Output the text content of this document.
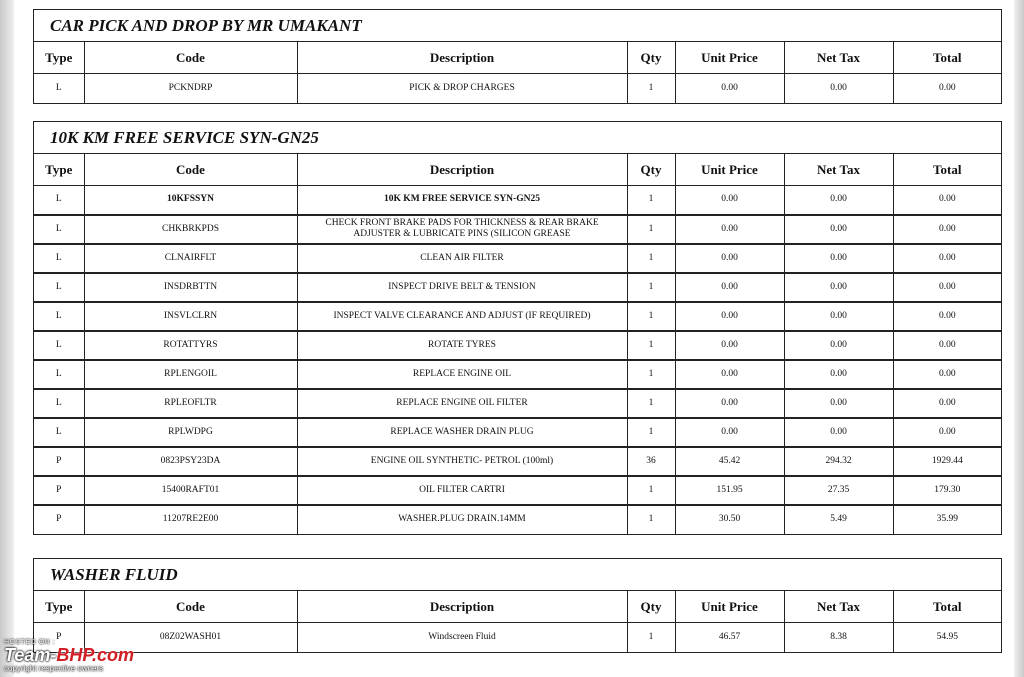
CAR PICK AND DROP BY MR UMAKANT
Type	Code	Description	Qty	Unit Price	Net Tax	Total
L	PCKNDRP	PICK & DROP CHARGES	1	0.00	0.00	0.00
10K KM FREE SERVICE SYN-GN25
Type	Code	Description	Qty	Unit Price	Net Tax	Total
L	10KFSSYN	10K KM FREE SERVICE SYN-GN25	1	0.00	0.00	0.00
L	CHKBRKPDS	CHECK FRONT BRAKE PADS FOR THICKNESS & REAR BRAKE ADJUSTER & LUBRICATE PINS (SILICON GREASE	1	0.00	0.00	0.00
L	CLNAIRFLT	CLEAN AIR FILTER	1	0.00	0.00	0.00
L	INSDRBTTN	INSPECT DRIVE BELT & TENSION	1	0.00	0.00	0.00
L	INSVLCLRN	INSPECT VALVE CLEARANCE AND ADJUST (IF REQUIRED)	1	0.00	0.00	0.00
L	ROTATTYRS	ROTATE TYRES	1	0.00	0.00	0.00
L	RPLENGOIL	REPLACE ENGINE OIL	1	0.00	0.00	0.00
L	RPLEOFLTR	REPLACE ENGINE OIL FILTER	1	0.00	0.00	0.00
L	RPLWDPG	REPLACE WASHER DRAIN PLUG	1	0.00	0.00	0.00
P	0823PSY23DA	ENGINE OIL SYNTHETIC- PETROL (100ml)	36	45.42	294.32	1929.44
P	15400RAFT01	OIL FILTER CARTRI	1	151.95	27.35	179.30
P	11207RE2E00	WASHER.PLUG DRAIN.14MM	1	30.50	5.49	35.99
WASHER FLUID
Type	Code	Description	Qty	Unit Price	Net Tax	Total
P	08Z02WASH01	Windscreen Fluid	1	46.57	8.38	54.95
HOSTED ON :
Team-BHP.com
copyright respective owners
